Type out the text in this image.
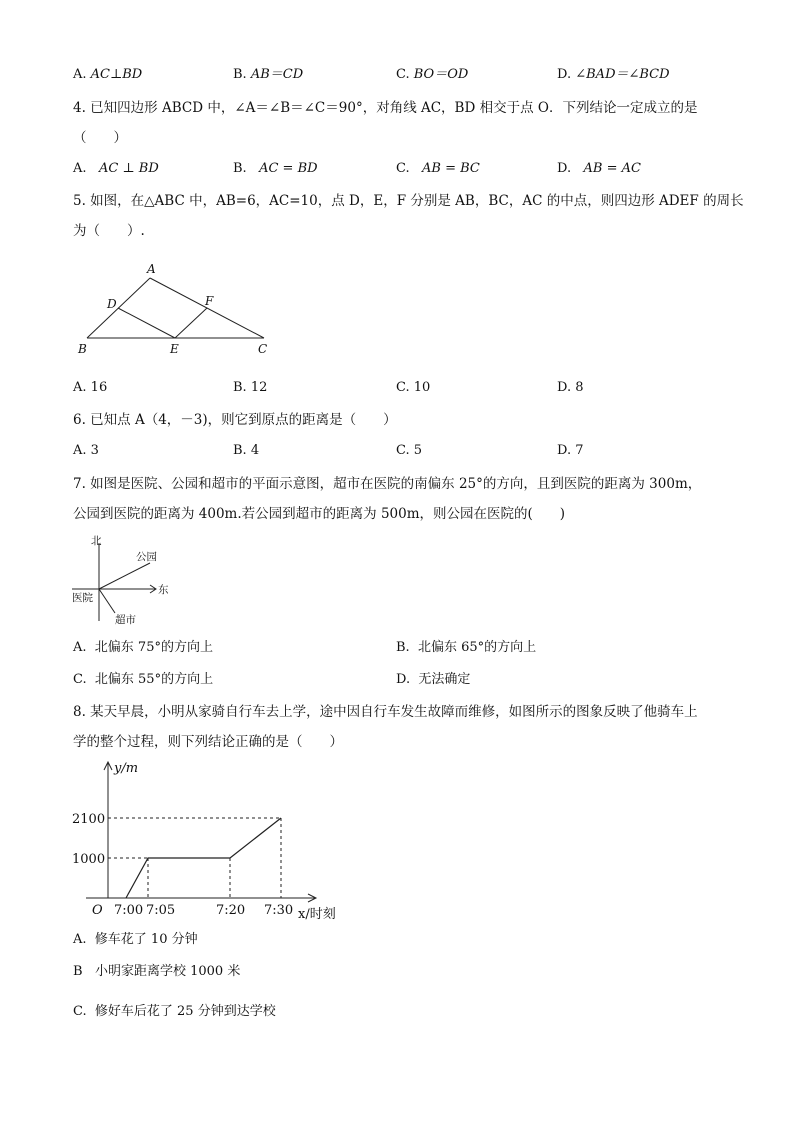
A. AC⊥BD	B. AB＝CD	C. BO＝OD	D. ∠BAD＝∠BCD
4. 已知四边形 ABCD 中，∠A＝∠B＝∠C＝90°，对角线 AC，BD 相交于点 O．下列结论一定成立的是
（　　）
A. AC ⊥ BD	B. AC = BD	C. AB = BC	D. AB = AC
5. 如图，在△ABC 中，AB=6，AC=10，点 D，E，F 分别是 AB，BC，AC 的中点，则四边形 ADEF 的周长
为（　　）.
A
D	F
B	E	C
A. 16	B. 12	C. 10	D. 8
6. 已知点 A（4，－3)，则它到原点的距离是（　　）
A. 3	B. 4	C. 5	D. 7
7. 如图是医院、公园和超市的平面示意图，超市在医院的南偏东 25°的方向，且到医院的距离为 300m，
公园到医院的距离为 400m.若公园到超市的距离为 500m，则公园在医院的(　　)
北
公园
东
医院
超市
A. 北偏东 75°的方向上	B. 北偏东 65°的方向上
C. 北偏东 55°的方向上	D. 无法确定
8. 某天早晨，小明从家骑自行车去上学，途中因自行车发生故障而维修，如图所示的图象反映了他骑车上
学的整个过程，则下列结论正确的是（　　）
y/m
2100
1000
O 7:00 7:05	7:20 7:30 x/时刻
A. 修车花了 10 分钟
B 小明家距离学校 1000 米
C. 修好车后花了 25 分钟到达学校
